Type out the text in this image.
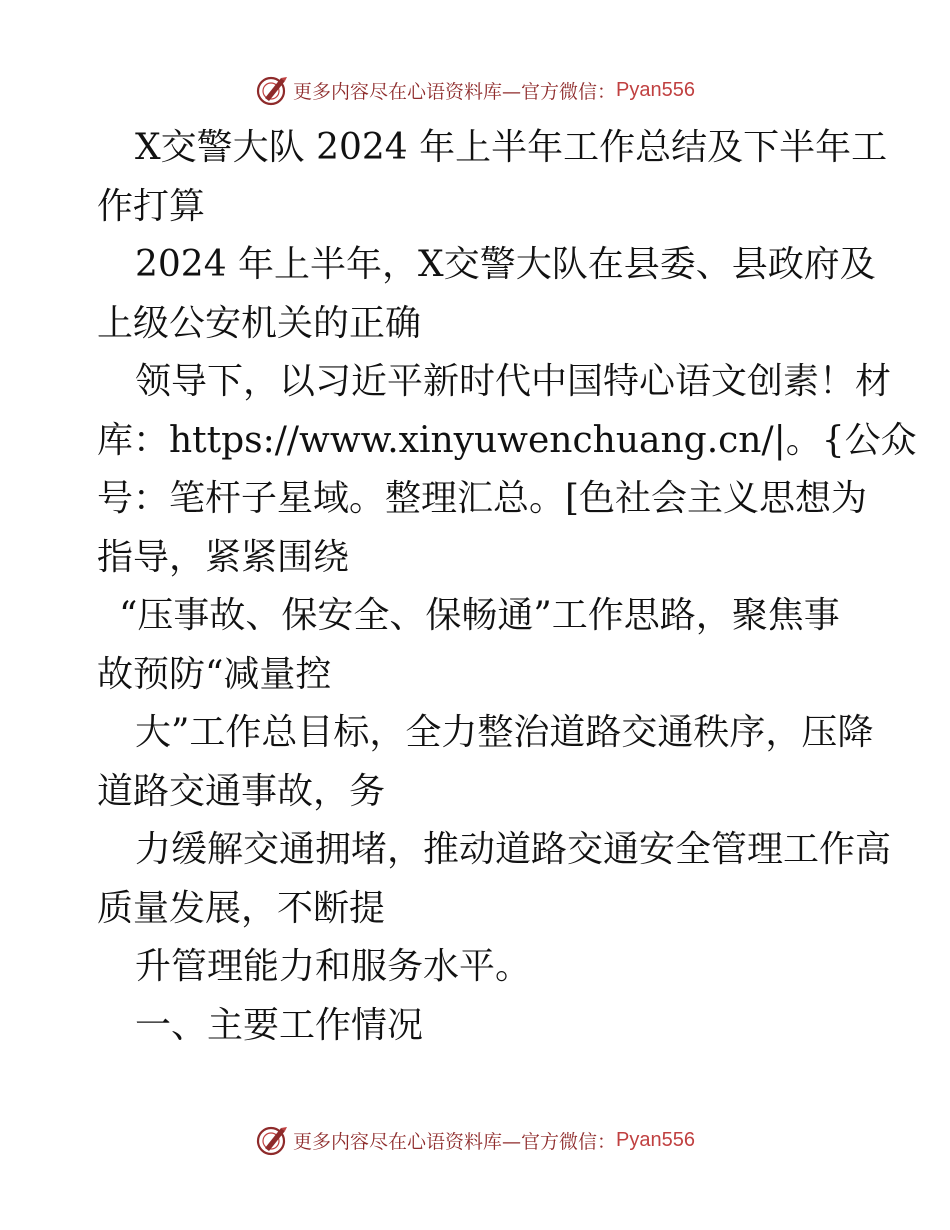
更多内容尽在心语资料库—官方微信： Pyan556
X交警大队 2024 年上半年工作总结及下半年工
作打算
2024 年上半年，X交警大队在县委、县政府及
上级公安机关的正确
领导下，以习近平新时代中国特心语文创素！材
库：https://www.xinyuwenchuang.cn/|。{公众
号：笔杆子星域。整理汇总。[色社会主义思想为
指导，紧紧围绕
“压事故、保安全、保畅通”工作思路，聚焦事
故预防“减量控
大”工作总目标，全力整治道路交通秩序，压降
道路交通事故，务
力缓解交通拥堵，推动道路交通安全管理工作高
质量发展，不断提
升管理能力和服务水平。
一、主要工作情况
更多内容尽在心语资料库—官方微信： Pyan556
